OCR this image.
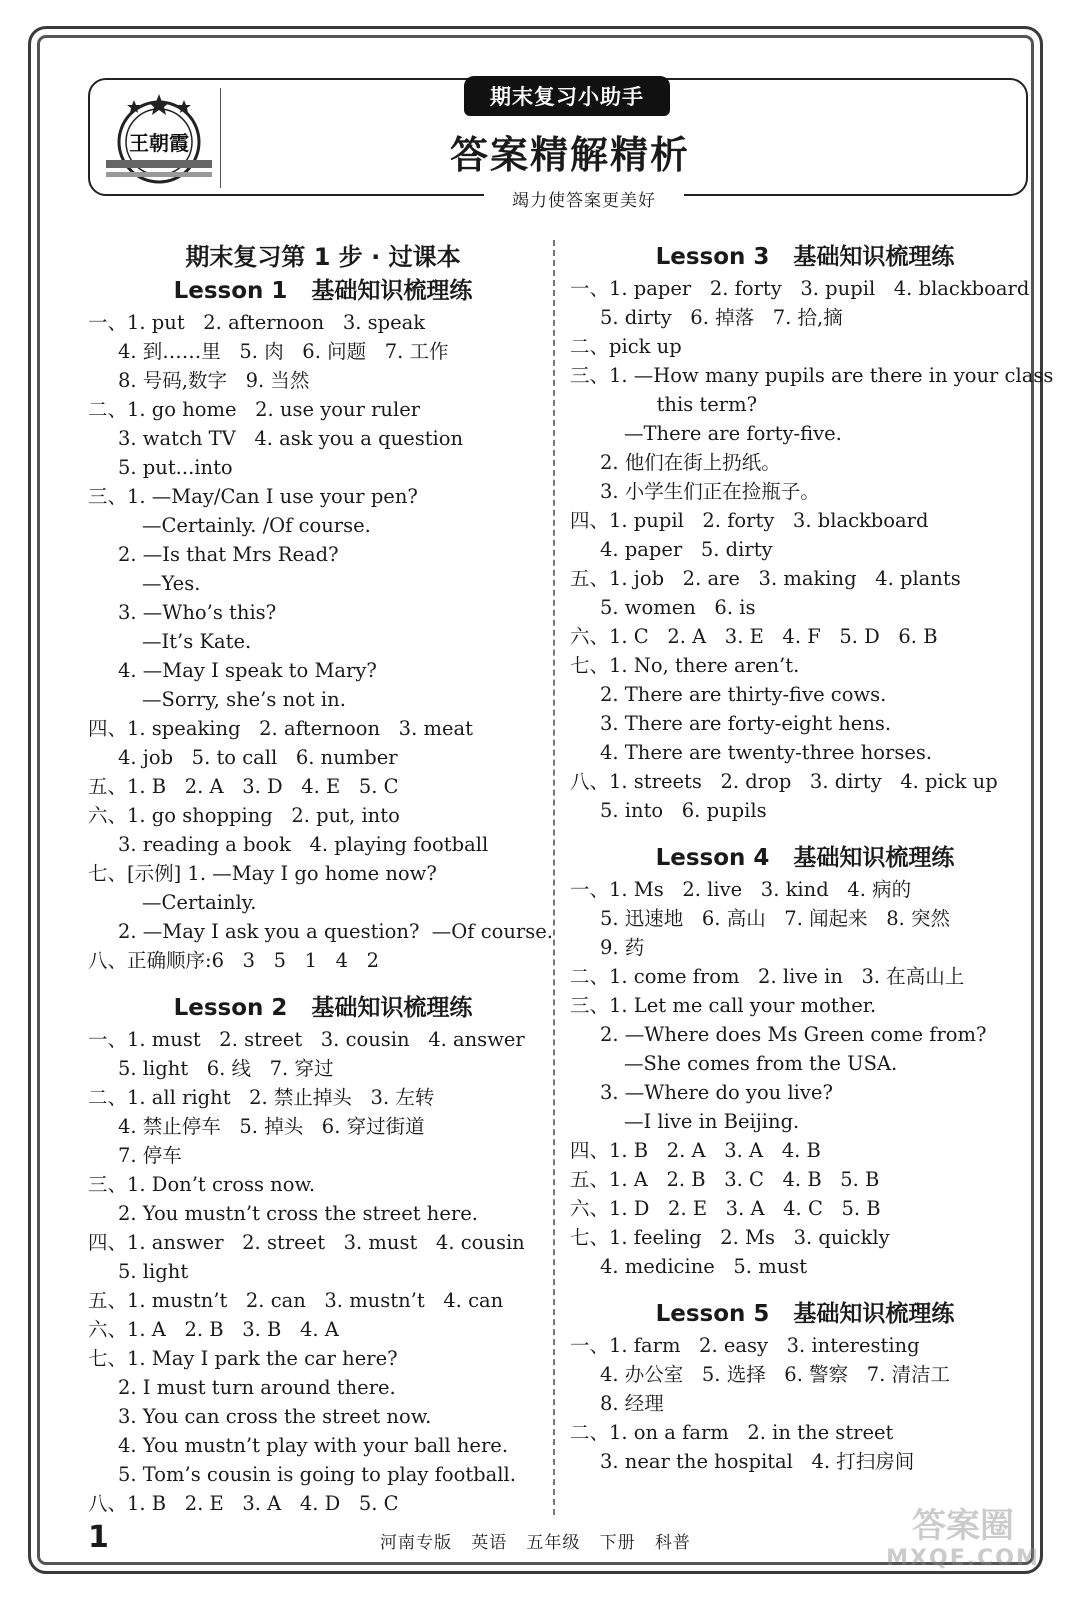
王朝霞
期末复习小助手
答案精解精析
竭力使答案更美好
期末复习第 1 步 · 过课本
Lesson 1   基础知识梳理练
一、1. put   2. afternoon   3. speak
4. 到……里   5. 肉   6. 问题   7. 工作
8. 号码,数字   9. 当然
二、1. go home   2. use your ruler
3. watch TV   4. ask you a question
5. put...into
三、1. —May/Can I use your pen?
—Certainly. /Of course.
2. —Is that Mrs Read?
—Yes.
3. —Who’s this?
—It’s Kate.
4. —May I speak to Mary?
—Sorry, she’s not in.
四、1. speaking   2. afternoon   3. meat
4. job   5. to call   6. number
五、1. B   2. A   3. D   4. E   5. C
六、1. go shopping   2. put, into
3. reading a book   4. playing football
七、[示例] 1. —May I go home now?
—Certainly.
2. —May I ask you a question?  —Of course.
八、正确顺序:6   3   5   1   4   2
Lesson 2   基础知识梳理练
一、1. must   2. street   3. cousin   4. answer
5. light   6. 线   7. 穿过
二、1. all right   2. 禁止掉头   3. 左转
4. 禁止停车   5. 掉头   6. 穿过街道
7. 停车
三、1. Don’t cross now.
2. You mustn’t cross the street here.
四、1. answer   2. street   3. must   4. cousin
5. light
五、1. mustn’t   2. can   3. mustn’t   4. can
六、1. A   2. B   3. B   4. A
七、1. May I park the car here?
2. I must turn around there.
3. You can cross the street now.
4. You mustn’t play with your ball here.
5. Tom’s cousin is going to play football.
八、1. B   2. E   3. A   4. D   5. C
Lesson 3   基础知识梳理练
一、1. paper   2. forty   3. pupil   4. blackboard
5. dirty   6. 掉落   7. 拾,摘
二、pick up
三、1. —How many pupils are there in your class
this term?
—There are forty-five.
2. 他们在街上扔纸。
3. 小学生们正在捡瓶子。
四、1. pupil   2. forty   3. blackboard
4. paper   5. dirty
五、1. job   2. are   3. making   4. plants
5. women   6. is
六、1. C   2. A   3. E   4. F   5. D   6. B
七、1. No, there aren’t.
2. There are thirty-five cows.
3. There are forty-eight hens.
4. There are twenty-three horses.
八、1. streets   2. drop   3. dirty   4. pick up
5. into   6. pupils
Lesson 4   基础知识梳理练
一、1. Ms   2. live   3. kind   4. 病的
5. 迅速地   6. 高山   7. 闻起来   8. 突然
9. 药
二、1. come from   2. live in   3. 在高山上
三、1. Let me call your mother.
2. —Where does Ms Green come from?
—She comes from the USA.
3. —Where do you live?
—I live in Beijing.
四、1. B   2. A   3. A   4. B
五、1. A   2. B   3. C   4. B   5. B
六、1. D   2. E   3. A   4. C   5. B
七、1. feeling   2. Ms   3. quickly
4. medicine   5. must
Lesson 5   基础知识梳理练
一、1. farm   2. easy   3. interesting
4. 办公室   5. 选择   6. 警察   7. 清洁工
8. 经理
二、1. on a farm   2. in the street
3. near the hospital   4. 打扫房间
1	河南专版   英语   五年级   下册   科普	答案圈
MXQE.COM
